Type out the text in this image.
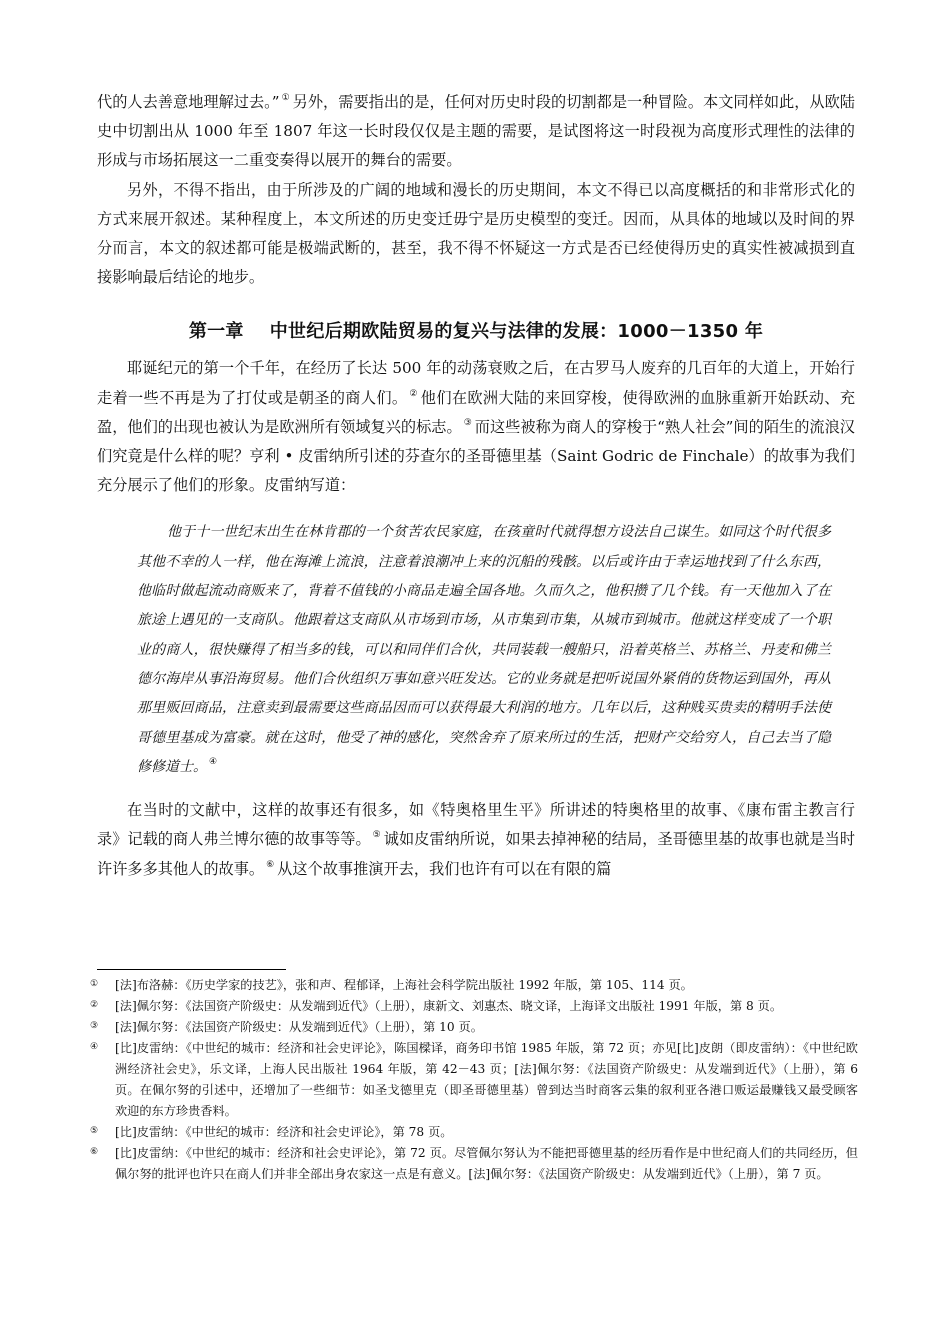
代的人去善意地理解过去。” ① 另外，需要指出的是，任何对历史时段的切割都是一种冒险。本文同样如此，从欧陆史中切割出从 1000 年至 1807 年这一长时段仅仅是主题的需要，是试图将这一时段视为高度形式理性的法律的形成与市场拓展这一二重变奏得以展开的舞台的需要。

另外，不得不指出，由于所涉及的广阔的地域和漫长的历史期间，本文不得已以高度概括的和非常形式化的方式来展开叙述。某种程度上，本文所述的历史变迁毋宁是历史模型的变迁。因而，从具体的地域以及时间的界分而言，本文的叙述都可能是极端武断的，甚至，我不得不怀疑这一方式是否已经使得历史的真实性被减损到直接影响最后结论的地步。

第一章 中世纪后期欧陆贸易的复兴与法律的发展：1000－1350 年

耶诞纪元的第一个千年，在经历了长达 500 年的动荡衰败之后，在古罗马人废弃的几百年的大道上，开始行走着一些不再是为了打仗或是朝圣的商人们。 ② 他们在欧洲大陆的来回穿梭，使得欧洲的血脉重新开始跃动、充盈，他们的出现也被认为是欧洲所有领域复兴的标志。 ③ 而这些被称为商人的穿梭于“熟人社会”间的陌生的流浪汉们究竟是什么样的呢？亨利 • 皮雷纳所引述的芬查尔的圣哥德里基（Saint Godric de Finchale）的故事为我们充分展示了他们的形象。皮雷纳写道：

他于十一世纪末出生在林肯郡的一个贫苦农民家庭，在孩童时代就得想方设法自己谋生。如同这个时代很多其他不幸的人一样，他在海滩上流浪，注意着浪潮冲上来的沉船的残骸。以后或许由于幸运地找到了什么东西，他临时做起流动商贩来了，背着不值钱的小商品走遍全国各地。久而久之，他积攒了几个钱。有一天他加入了在旅途上遇见的一支商队。他跟着这支商队从市场到市场，从市集到市集，从城市到城市。他就这样变成了一个职业的商人，很快赚得了相当多的钱，可以和同伴们合伙，共同装载一艘船只，沿着英格兰、苏格兰、丹麦和佛兰德尔海岸从事沿海贸易。他们合伙组织万事如意兴旺发达。它的业务就是把听说国外紧俏的货物运到国外，再从那里贩回商品，注意卖到最需要这些商品因而可以获得最大利润的地方。几年以后，这种贱买贵卖的精明手法使哥德里基成为富豪。就在这时，他受了神的感化，突然舍弃了原来所过的生活，把财产交给穷人，自己去当了隐修修道士。 ④

在当时的文献中，这样的故事还有很多，如《特奥格里生平》所讲述的特奥格里的故事、《康布雷主教言行录》记载的商人弗兰博尔德的故事等等。 ⑤ 诚如皮雷纳所说，如果去掉神秘的结局，圣哥德里基的故事也就是当时许许多多其他人的故事。 ⑥ 从这个故事推演开去，我们也许有可以在有限的篇

① [法]布洛赫：《历史学家的技艺》，张和声、程郁译，上海社会科学院出版社 1992 年版，第 105、114 页。

② [法]佩尔努：《法国资产阶级史：从发端到近代》（上册），康新文、刘惠杰、晓文译，上海译文出版社 1991 年版，第 8 页。

③ [法]佩尔努：《法国资产阶级史：从发端到近代》（上册），第 10 页。

④ [比]皮雷纳：《中世纪的城市：经济和社会史评论》，陈国樑译，商务印书馆 1985 年版，第 72 页；亦见[比]皮朗（即皮雷纳）：《中世纪欧洲经济社会史》，乐文译，上海人民出版社 1964 年版，第 42－43 页；[法]佩尔努：《法国资产阶级史：从发端到近代》（上册），第 6 页。在佩尔努的引述中，还增加了一些细节：如圣戈德里克（即圣哥德里基）曾到达当时商客云集的叙利亚各港口贩运最赚钱又最受顾客欢迎的东方珍贵香料。

⑤ [比]皮雷纳：《中世纪的城市：经济和社会史评论》，第 78 页。

⑥ [比]皮雷纳：《中世纪的城市：经济和社会史评论》，第 72 页。尽管佩尔努认为不能把哥德里基的经历看作是中世纪商人们的共同经历，但佩尔努的批评也许只在商人们并非全部出身农家这一点是有意义。[法]佩尔努：《法国资产阶级史：从发端到近代》（上册），第 7 页。
